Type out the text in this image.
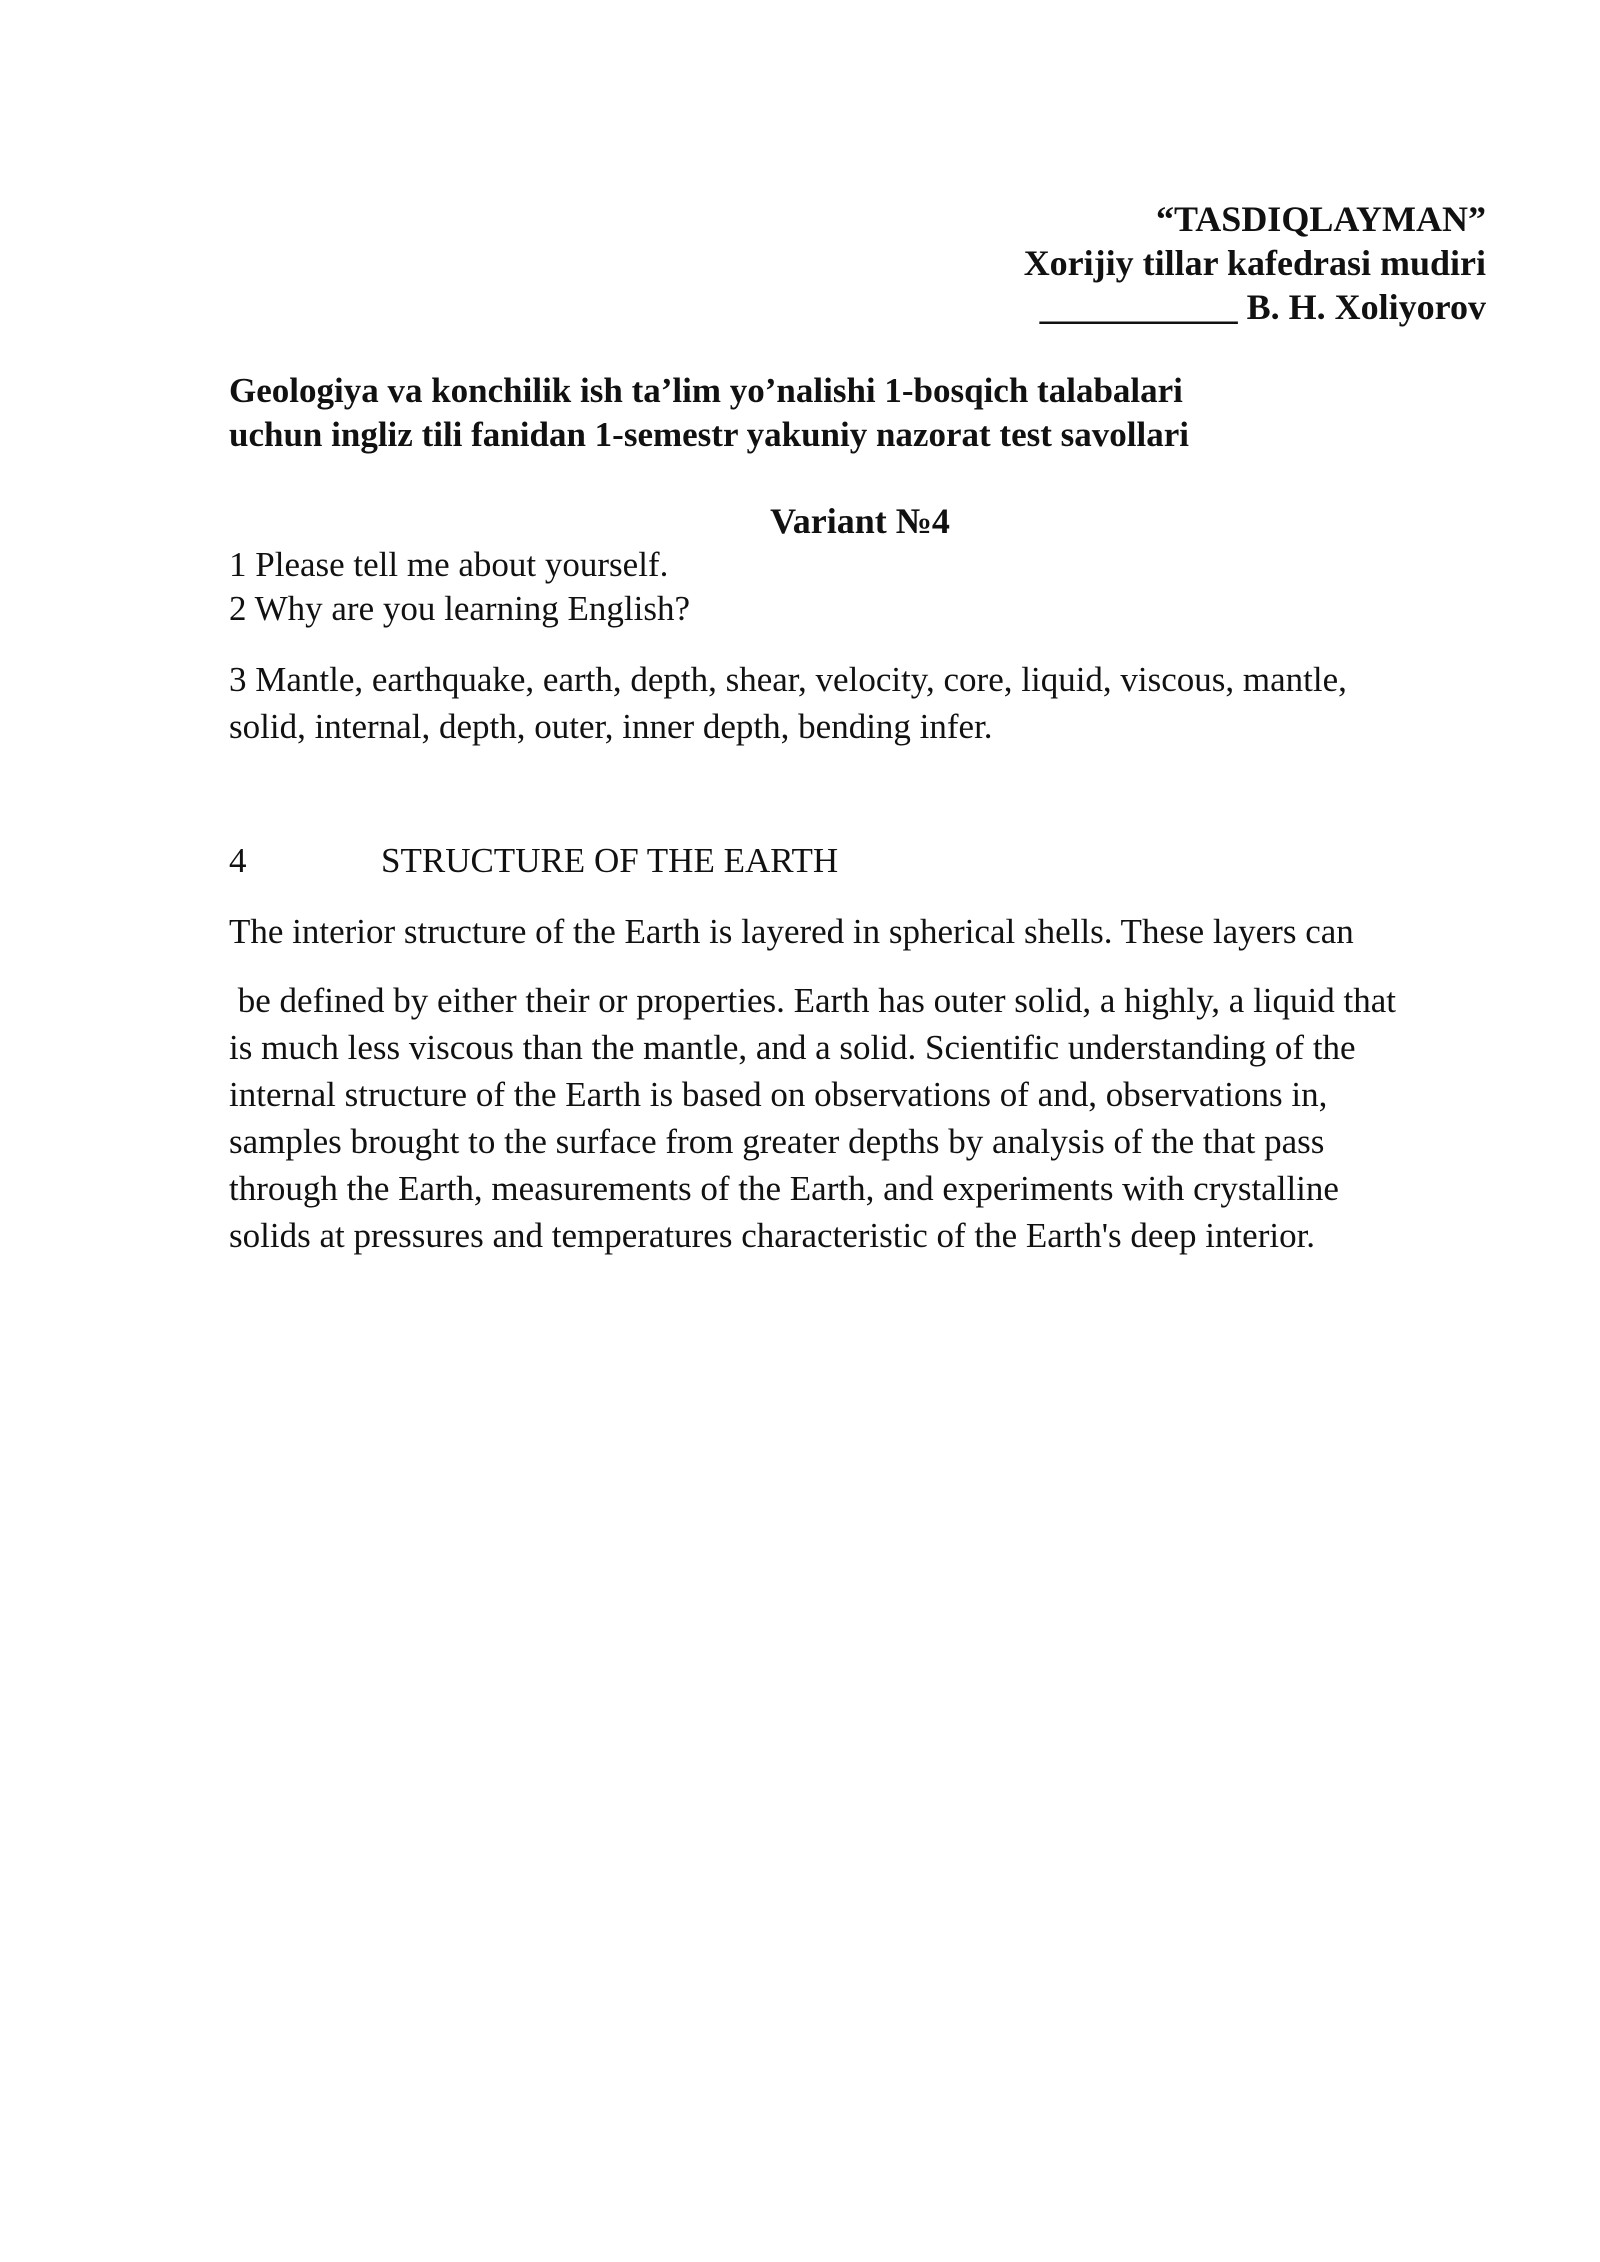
“TASDIQLAYMAN”
Xorijiy tillar kafedrasi mudiri
___________ B. H. Xoliyorov
Geologiya va konchilik ish ta’lim yo’nalishi 1-bosqich talabalari
uchun ingliz tili fanidan 1-semestr yakuniy nazorat test savollari
Variant №4
1 Please tell me about yourself.
2 Why are you learning English?
3 Mantle, earthquake, earth, depth, shear, velocity, core, liquid, viscous, mantle,
solid, internal, depth, outer, inner depth, bending infer.
4	STRUCTURE OF THE EARTH
The interior structure of the Earth is layered in spherical shells. These layers can
be defined by either their or properties. Earth has outer solid, a highly, a liquid that
is much less viscous than the mantle, and a solid. Scientific understanding of the
internal structure of the Earth is based on observations of and, observations in,
samples brought to the surface from greater depths by analysis of the that pass
through the Earth, measurements of the Earth, and experiments with crystalline
solids at pressures and temperatures characteristic of the Earth's deep interior.
